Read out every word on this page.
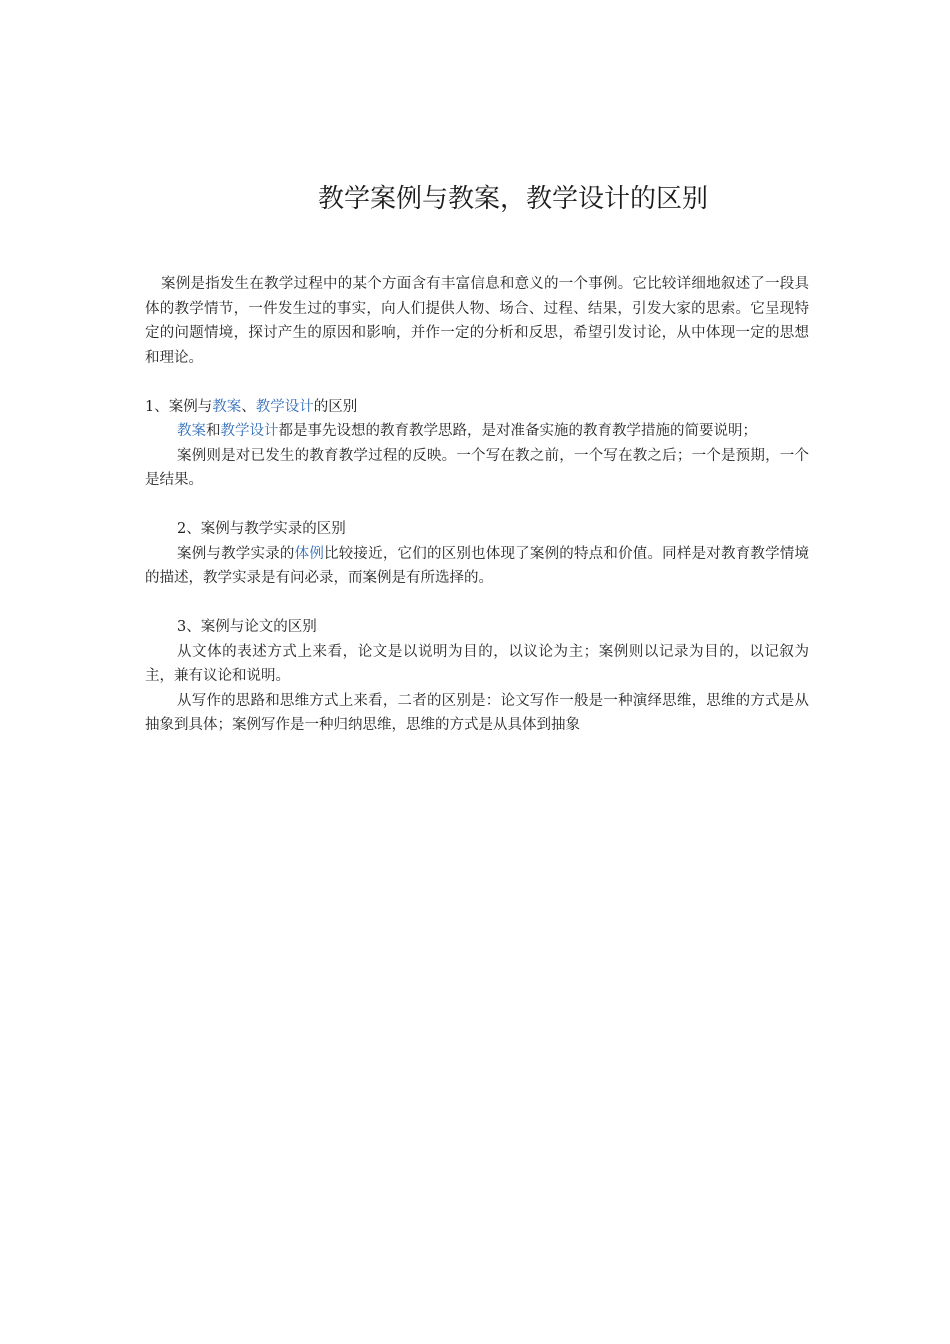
教学案例与教案，教学设计的区别

案例是指发生在教学过程中的某个方面含有丰富信息和意义的一个事例。它比较详细地叙述了一段具体的教学情节，一件发生过的事实，向人们提供人物、场合、过程、结果，引发大家的思索。它呈现特定的问题情境，探讨产生的原因和影响，并作一定的分析和反思，希望引发讨论，从中体现一定的思想和理论。

1、案例与教案、教学设计的区别

教案和教学设计都是事先设想的教育教学思路，是对准备实施的教育教学措施的简要说明；

案例则是对已发生的教育教学过程的反映。一个写在教之前，一个写在教之后；一个是预期，一个是结果。

2、案例与教学实录的区别

案例与教学实录的体例比较接近，它们的区别也体现了案例的特点和价值。同样是对教育教学情境的描述，教学实录是有问必录，而案例是有所选择的。

3、案例与论文的区别

从文体的表述方式上来看，论文是以说明为目的，以议论为主；案例则以记录为目的，以记叙为主，兼有议论和说明。

从写作的思路和思维方式上来看，二者的区别是：论文写作一般是一种演绎思维，思维的方式是从抽象到具体；案例写作是一种归纳思维，思维的方式是从具体到抽象
